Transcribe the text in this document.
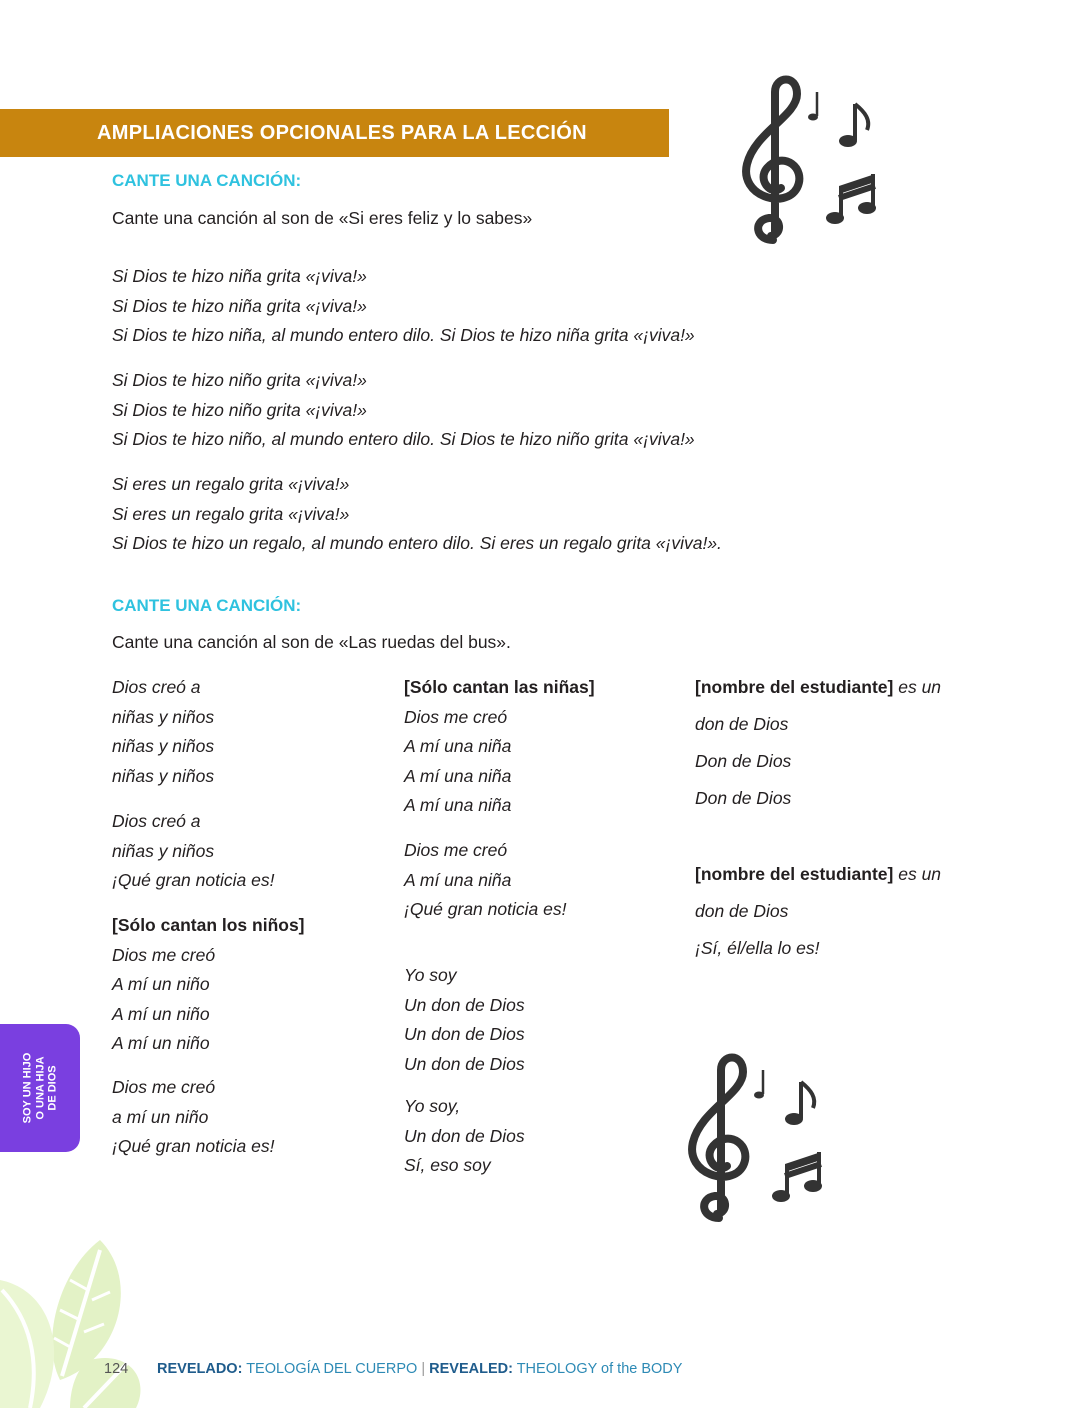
AMPLIACIONES OPCIONALES PARA LA LECCIÓN
CANTE UNA CANCIÓN:
Cante una canción al son de «Si eres feliz y lo sabes»
Si Dios te hizo niña grita «¡viva!»
Si Dios te hizo niña grita «¡viva!»
Si Dios te hizo niña, al mundo entero dilo. Si Dios te hizo niña grita «¡viva!»
Si Dios te hizo niño grita «¡viva!»
Si Dios te hizo niño grita «¡viva!»
Si Dios te hizo niño, al mundo entero dilo. Si Dios te hizo niño grita «¡viva!»
Si eres un regalo grita «¡viva!»
Si eres un regalo grita «¡viva!»
Si Dios te hizo un regalo, al mundo entero dilo. Si eres un regalo grita «¡viva!».
CANTE UNA CANCIÓN:
Cante una canción al son de «Las ruedas del bus».
Dios creó a
niñas y niños
niñas y niños
niñas y niños
Dios creó a
niñas y niños
¡Qué gran noticia es!
[Sólo cantan los niños]
Dios me creó
A mí un niño
A mí un niño
A mí un niño
Dios me creó
a mí un niño
¡Qué gran noticia es!
[Sólo cantan las niñas]
Dios me creó
A mí una niña
A mí una niña
A mí una niña
Dios me creó
A mí una niña
¡Qué gran noticia es!
Yo soy
Un don de Dios
Un don de Dios
Un don de Dios
Yo soy,
Un don de Dios
Sí, eso soy
[nombre del estudiante] es un
don de Dios
Don de Dios
Don de Dios
[nombre del estudiante] es un
don de Dios
¡Sí, él/ella lo es!
SOY UN HIJO O UNA HIJA DE DIOS
124 REVELADO: TEOLOGÍA DEL CUERPO | REVEALED: THEOLOGY of the BODY
